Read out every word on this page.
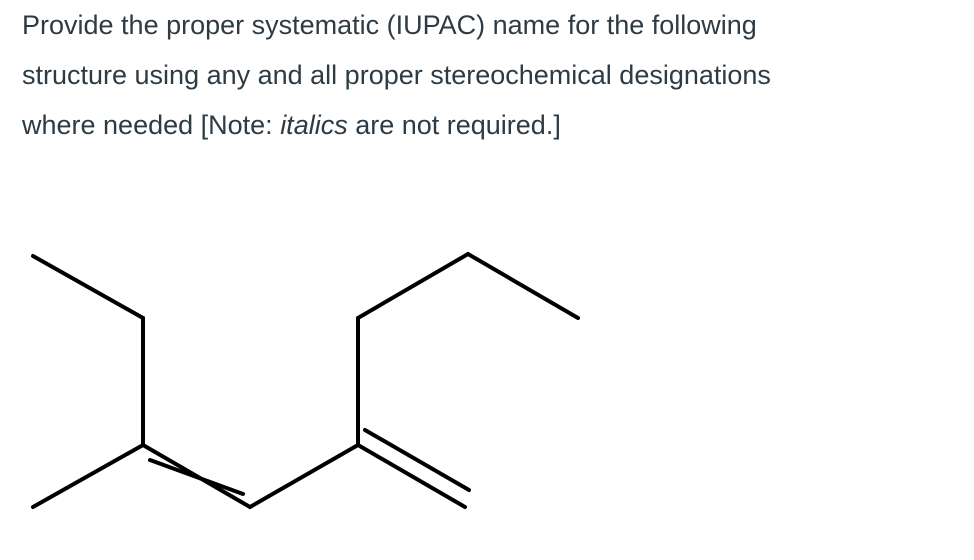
Provide the proper systematic (IUPAC) name for the following
structure using any and all proper stereochemical designations
where needed [Note: italics are not required.]
